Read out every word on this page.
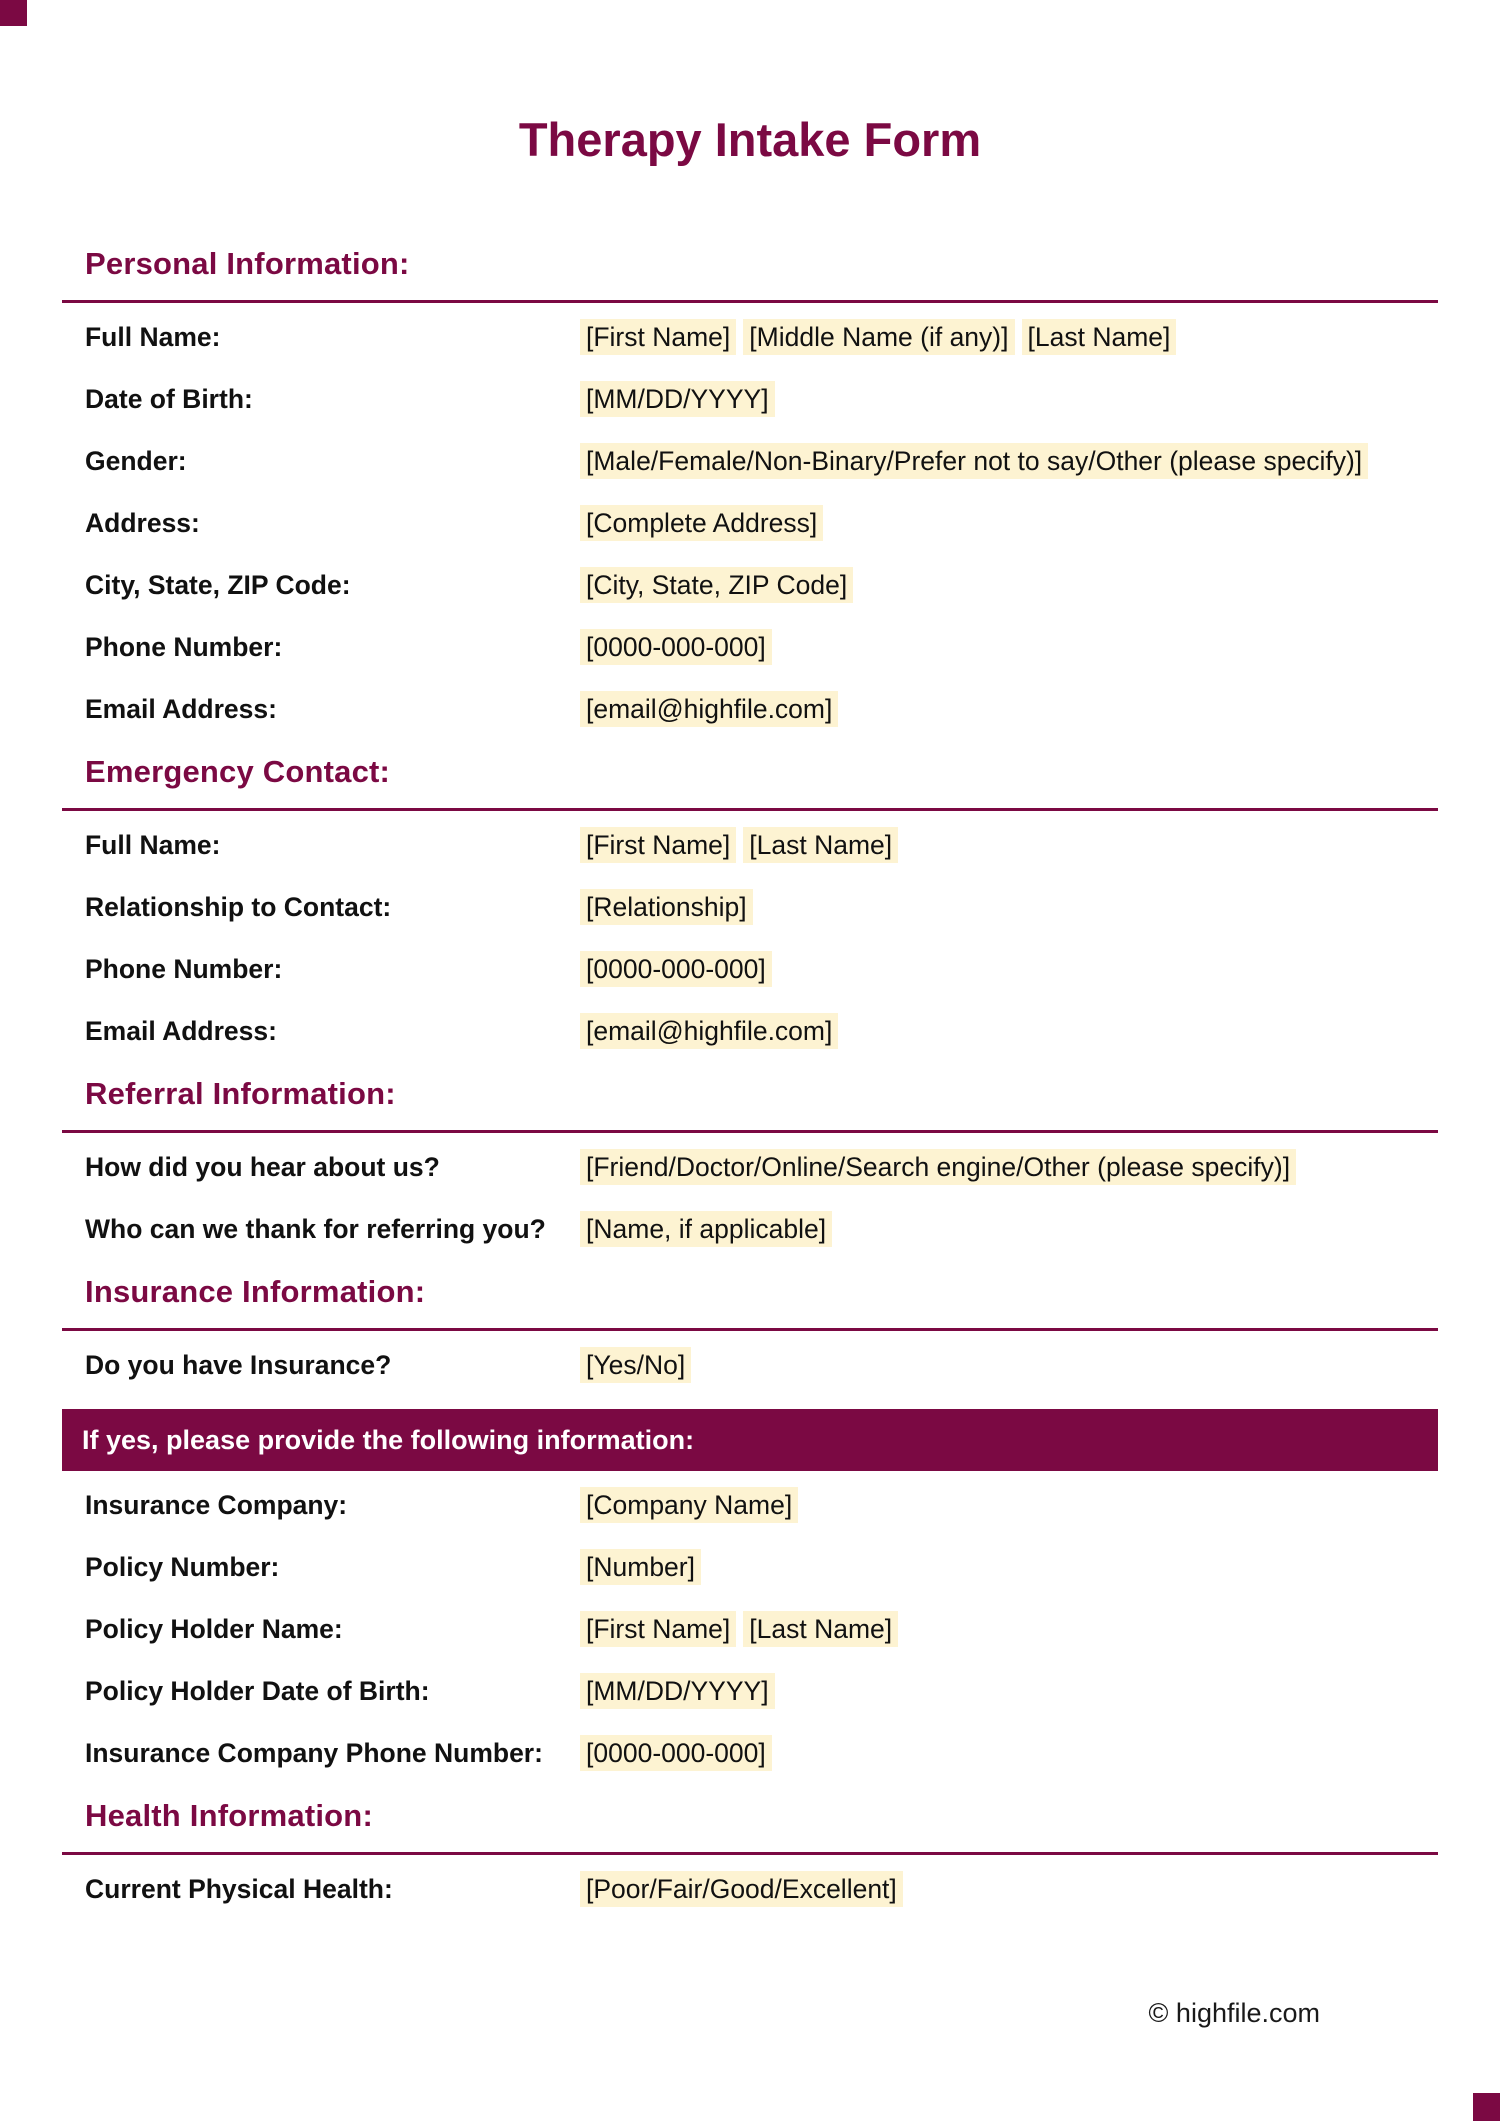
Therapy Intake Form
Personal Information:
Full Name:	[First Name] [Middle Name (if any)] [Last Name]
Date of Birth:	[MM/DD/YYYY]
Gender:	[Male/Female/Non-Binary/Prefer not to say/Other (please specify)]
Address:	[Complete Address]
City, State, ZIP Code:	[City, State, ZIP Code]
Phone Number:	[0000-000-000]
Email Address:	[email@highfile.com]
Emergency Contact:
Full Name:	[First Name] [Last Name]
Relationship to Contact:	[Relationship]
Phone Number:	[0000-000-000]
Email Address:	[email@highfile.com]
Referral Information:
How did you hear about us?	[Friend/Doctor/Online/Search engine/Other (please specify)]
Who can we thank for referring you?	[Name, if applicable]
Insurance Information:
Do you have Insurance?	[Yes/No]
If yes, please provide the following information:
Insurance Company:	[Company Name]
Policy Number:	[Number]
Policy Holder Name:	[First Name] [Last Name]
Policy Holder Date of Birth:	[MM/DD/YYYY]
Insurance Company Phone Number:	[0000-000-000]
Health Information:
Current Physical Health:	[Poor/Fair/Good/Excellent]
© highfile.com
